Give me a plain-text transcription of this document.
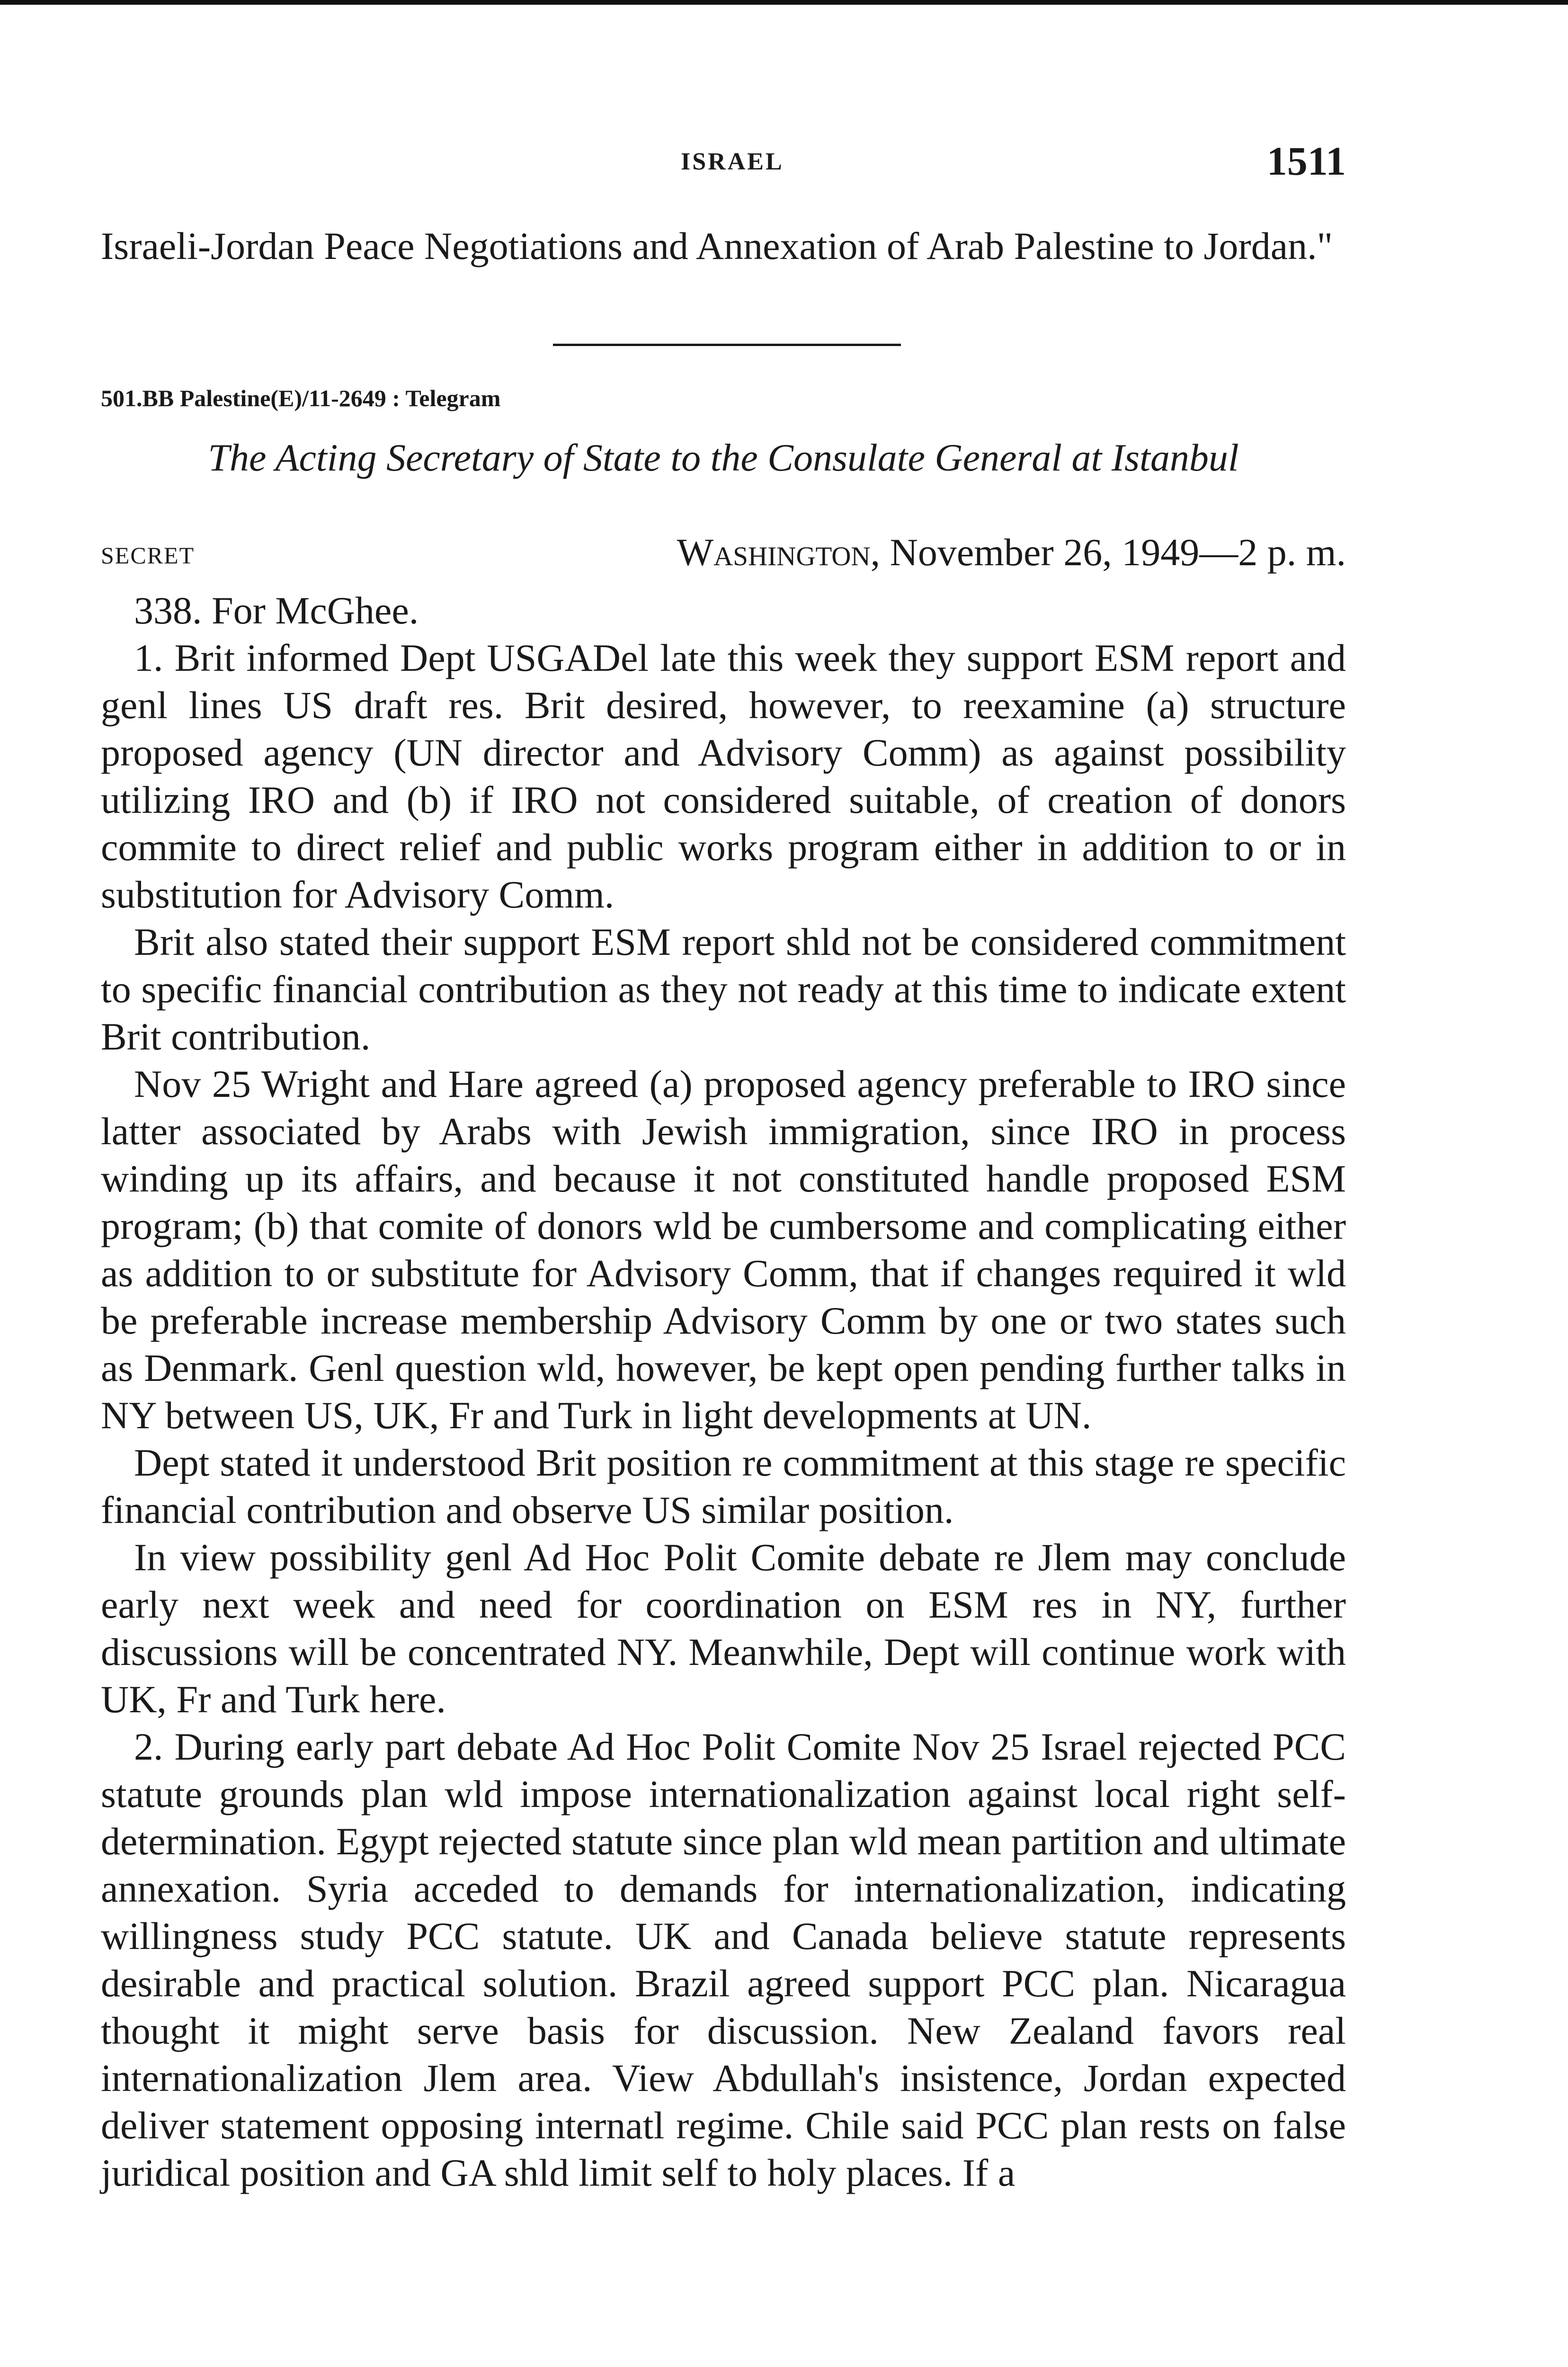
ISRAEL	1511
Israeli-Jordan Peace Negotiations and Annexation of Arab Palestine to Jordan."
501.BB Palestine(E)/11-2649 : Telegram
The Acting Secretary of State to the Consulate General at Istanbul
SECRET	Washington, November 26, 1949—2 p. m.

338. For McGhee.

1. Brit informed Dept USGADel late this week they support ESM report and genl lines US draft res. Brit desired, however, to reexamine (a) structure proposed agency (UN director and Advisory Comm) as against possibility utilizing IRO and (b) if IRO not considered suitable, of creation of donors commite to direct relief and public works program either in addition to or in substitution for Advisory Comm.

Brit also stated their support ESM report shld not be considered commitment to specific financial contribution as they not ready at this time to indicate extent Brit contribution.

Nov 25 Wright and Hare agreed (a) proposed agency preferable to IRO since latter associated by Arabs with Jewish immigration, since IRO in process winding up its affairs, and because it not constituted handle proposed ESM program; (b) that comite of donors wld be cumbersome and complicating either as addition to or substitute for Advisory Comm, that if changes required it wld be preferable increase membership Advisory Comm by one or two states such as Denmark. Genl question wld, however, be kept open pending further talks in NY between US, UK, Fr and Turk in light developments at UN.

Dept stated it understood Brit position re commitment at this stage re specific financial contribution and observe US similar position.

In view possibility genl Ad Hoc Polit Comite debate re Jlem may conclude early next week and need for coordination on ESM res in NY, further discussions will be concentrated NY. Meanwhile, Dept will continue work with UK, Fr and Turk here.

2. During early part debate Ad Hoc Polit Comite Nov 25 Israel rejected PCC statute grounds plan wld impose internationalization against local right self-determination. Egypt rejected statute since plan wld mean partition and ultimate annexation. Syria acceded to demands for internationalization, indicating willingness study PCC statute. UK and Canada believe statute represents desirable and practical solution. Brazil agreed support PCC plan. Nicaragua thought it might serve basis for discussion. New Zealand favors real internationalization Jlem area. View Abdullah's insistence, Jordan expected deliver statement opposing internatl regime. Chile said PCC plan rests on false juridical position and GA shld limit self to holy places. If a
